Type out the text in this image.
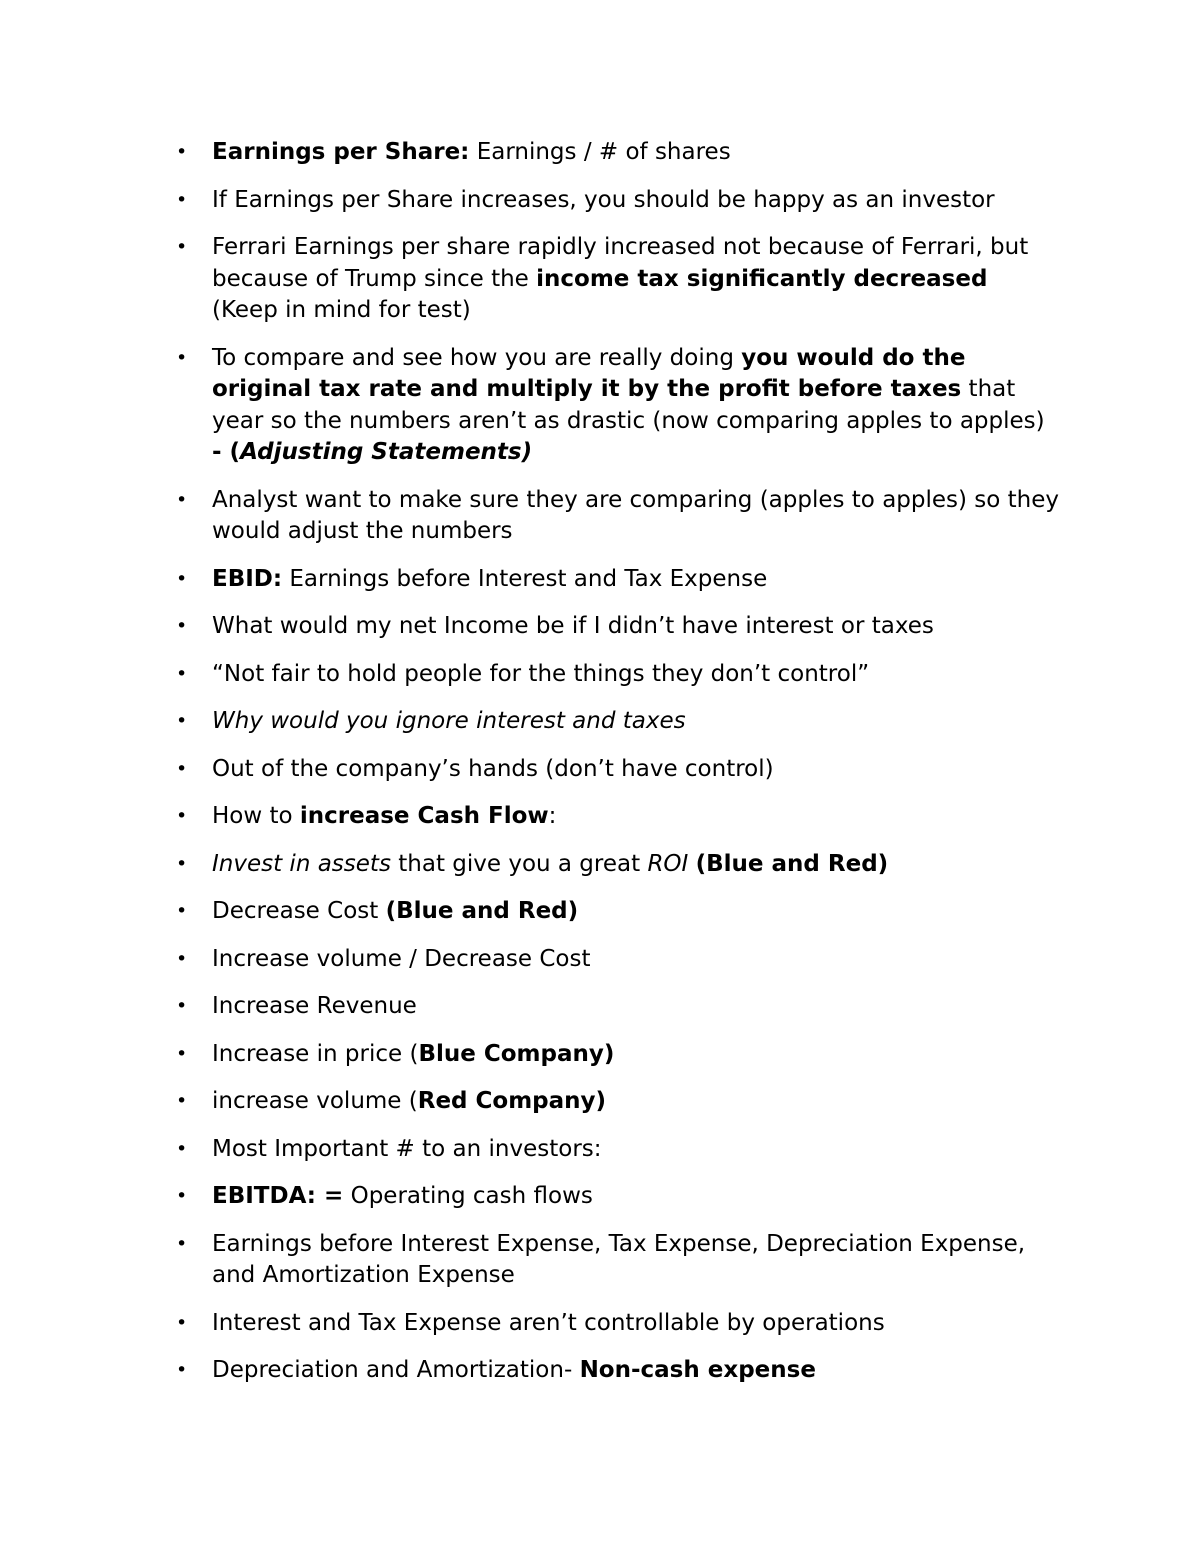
• Earnings per Share: Earnings / # of shares
• If Earnings per Share increases, you should be happy as an investor
• Ferrari Earnings per share rapidly increased not because of Ferrari, but because of Trump since the income tax significantly decreased (Keep in mind for test)
• To compare and see how you are really doing you would do the original tax rate and multiply it by the profit before taxes that year so the numbers aren’t as drastic (now comparing apples to apples) - (Adjusting Statements)
• Analyst want to make sure they are comparing (apples to apples) so they would adjust the numbers
• EBID: Earnings before Interest and Tax Expense
• What would my net Income be if I didn’t have interest or taxes
• “Not fair to hold people for the things they don’t control”
• Why would you ignore interest and taxes
• Out of the company’s hands (don’t have control)
• How to increase Cash Flow:
• Invest in assets that give you a great ROI (Blue and Red)
• Decrease Cost (Blue and Red)
• Increase volume / Decrease Cost
• Increase Revenue
• Increase in price (Blue Company)
• increase volume (Red Company)
• Most Important # to an investors:
• EBITDA: = Operating cash flows
• Earnings before Interest Expense, Tax Expense, Depreciation Expense, and Amortization Expense
• Interest and Tax Expense aren’t controllable by operations
• Depreciation and Amortization- Non-cash expense
